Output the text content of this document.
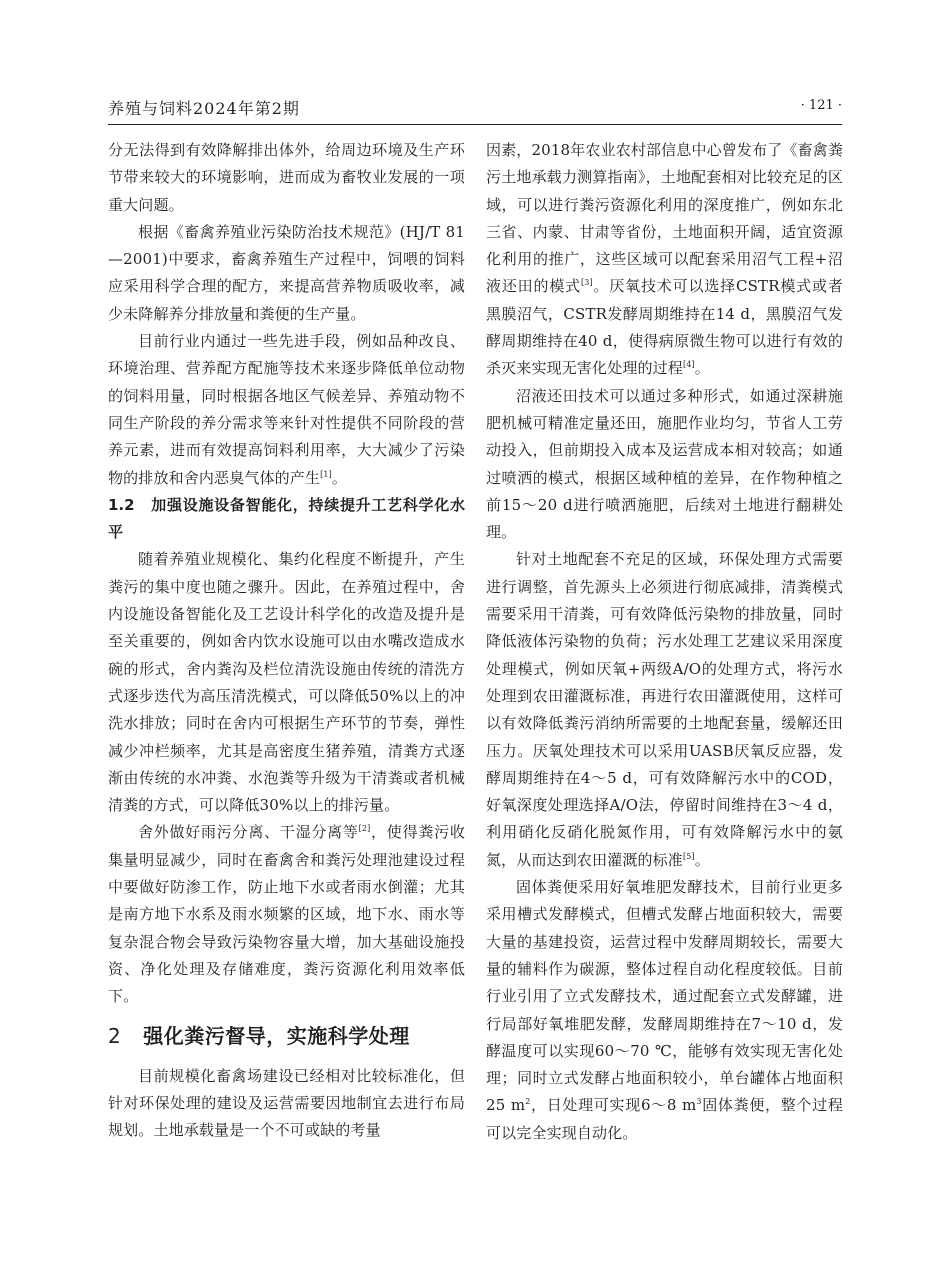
养殖与饲料2024年第2期	· 121 ·

分无法得到有效降解排出体外，给周边环境及生产环节带来较大的环境影响，进而成为畜牧业发展的一项重大问题。

根据《畜禽养殖业污染防治技术规范》(HJ/T 81—2001)中要求，畜禽养殖生产过程中，饲喂的饲料应采用科学合理的配方，来提高营养物质吸收率，减少未降解养分排放量和粪便的生产量。

目前行业内通过一些先进手段，例如品种改良、环境治理、营养配方配施等技术来逐步降低单位动物的饲料用量，同时根据各地区气候差异、养殖动物不同生产阶段的养分需求等来针对性提供不同阶段的营养元素，进而有效提高饲料利用率，大大减少了污染物的排放和舍内恶臭气体的产生[1]。

1.2 加强设施设备智能化，持续提升工艺科学化水平

随着养殖业规模化、集约化程度不断提升，产生粪污的集中度也随之骤升。因此，在养殖过程中，舍内设施设备智能化及工艺设计科学化的改造及提升是至关重要的，例如舍内饮水设施可以由水嘴改造成水碗的形式，舍内粪沟及栏位清洗设施由传统的清洗方式逐步迭代为高压清洗模式，可以降低50%以上的冲洗水排放；同时在舍内可根据生产环节的节奏，弹性减少冲栏频率，尤其是高密度生猪养殖，清粪方式逐渐由传统的水冲粪、水泡粪等升级为干清粪或者机械清粪的方式，可以降低30%以上的排污量。

舍外做好雨污分离、干湿分离等[2]，使得粪污收集量明显减少，同时在畜禽舍和粪污处理池建设过程中要做好防渗工作，防止地下水或者雨水倒灌；尤其是南方地下水系及雨水频繁的区域，地下水、雨水等复杂混合物会导致污染物容量大增，加大基础设施投资、净化处理及存储难度，粪污资源化利用效率低下。

2 强化粪污督导，实施科学处理

目前规模化畜禽场建设已经相对比较标准化，但针对环保处理的建设及运营需要因地制宜去进行布局规划。土地承载量是一个不可或缺的考量

因素，2018年农业农村部信息中心曾发布了《畜禽粪污土地承载力测算指南》，土地配套相对比较充足的区域，可以进行粪污资源化利用的深度推广，例如东北三省、内蒙、甘肃等省份，土地面积开阔，适宜资源化利用的推广，这些区域可以配套采用沼气工程+沼液还田的模式[3]。厌氧技术可以选择CSTR模式或者黑膜沼气，CSTR发酵周期维持在14 d，黑膜沼气发酵周期维持在40 d，使得病原微生物可以进行有效的杀灭来实现无害化处理的过程[4]。

沼液还田技术可以通过多种形式，如通过深耕施肥机械可精准定量还田，施肥作业均匀，节省人工劳动投入，但前期投入成本及运营成本相对较高；如通过喷洒的模式，根据区域种植的差异，在作物种植之前15～20 d进行喷洒施肥，后续对土地进行翻耕处理。

针对土地配套不充足的区域，环保处理方式需要进行调整，首先源头上必须进行彻底减排，清粪模式需要采用干清粪，可有效降低污染物的排放量，同时降低液体污染物的负荷；污水处理工艺建议采用深度处理模式，例如厌氧+两级A/O的处理方式，将污水处理到农田灌溉标准，再进行农田灌溉使用，这样可以有效降低粪污消纳所需要的土地配套量，缓解还田压力。厌氧处理技术可以采用UASB厌氧反应器，发酵周期维持在4～5 d，可有效降解污水中的COD，好氧深度处理选择A/O法，停留时间维持在3～4 d，利用硝化反硝化脱氮作用，可有效降解污水中的氨氮，从而达到农田灌溉的标准[5]。

固体粪便采用好氧堆肥发酵技术，目前行业更多采用槽式发酵模式，但槽式发酵占地面积较大，需要大量的基建投资，运营过程中发酵周期较长，需要大量的辅料作为碳源，整体过程自动化程度较低。目前行业引用了立式发酵技术，通过配套立式发酵罐，进行局部好氧堆肥发酵，发酵周期维持在7～10 d，发酵温度可以实现60～70 ℃，能够有效实现无害化处理；同时立式发酵占地面积较小，单台罐体占地面积25 $m^2$，日处理可实现6～8 $m^3$固体粪便，整个过程可以完全实现自动化。
